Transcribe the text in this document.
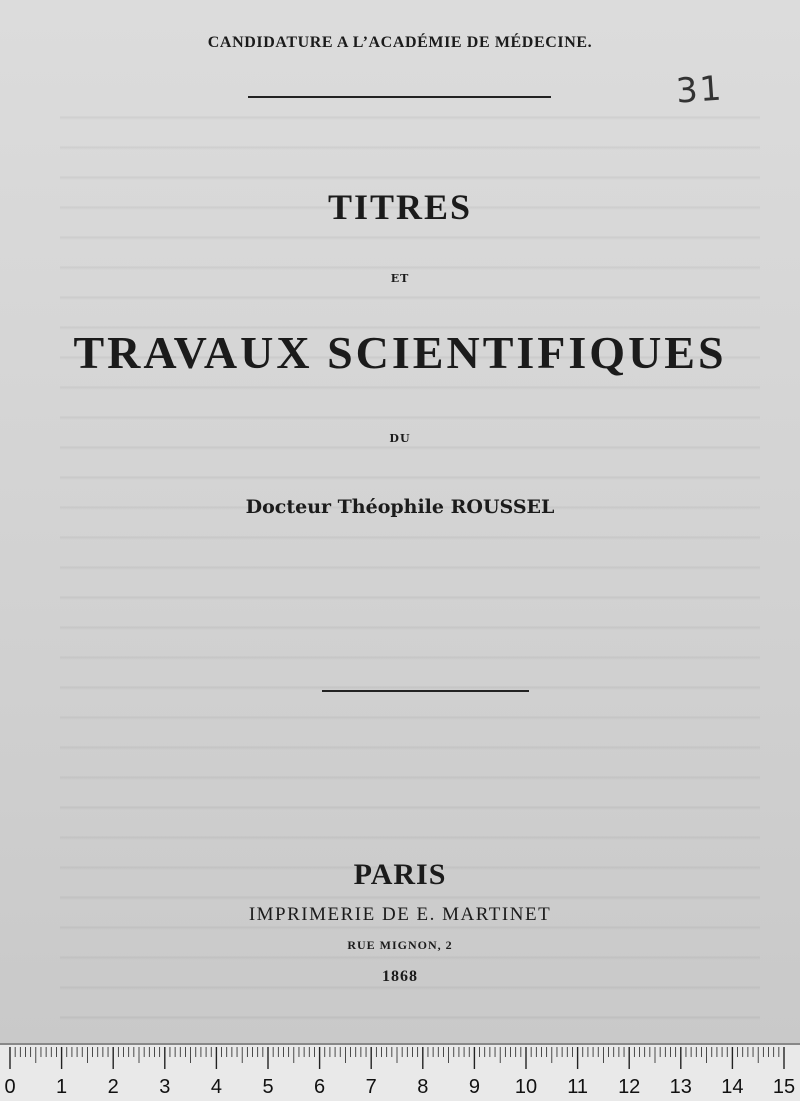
CANDIDATURE A L’ACADÉMIE DE MÉDECINE.
31
TITRES
ET
TRAVAUX SCIENTIFIQUES
DU
Docteur Théophile ROUSSEL
PARIS
IMPRIMERIE DE E. MARTINET
RUE MIGNON, 2
1868
0 1 2 3 4 5 6 7 8 9 10 11 12 13 14 15
